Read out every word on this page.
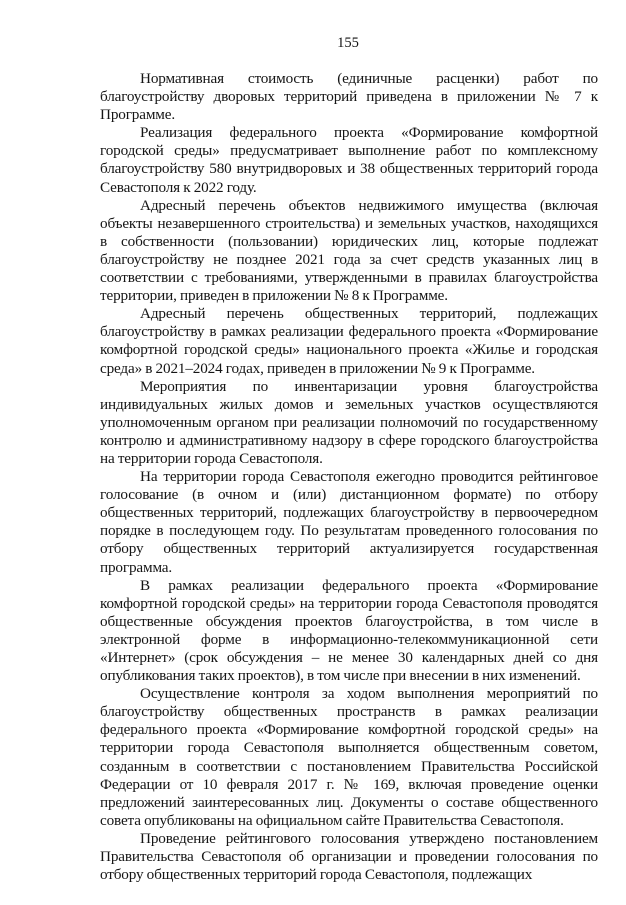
155

Нормативная стоимость (единичные расценки) работ по благоустройству дворовых территорий приведена в приложении № 7 к Программе.

Реализация федерального проекта «Формирование комфортной городской среды» предусматривает выполнение работ по комплексному благоустройству 580 внутридворовых и 38 общественных территорий города Севастополя к 2022 году.

Адресный перечень объектов недвижимого имущества (включая объекты незавершенного строительства) и земельных участков, находящихся в собственности (пользовании) юридических лиц, которые подлежат благоустройству не позднее 2021 года за счет средств указанных лиц в соответствии с требованиями, утвержденными в правилах благоустройства территории, приведен в приложении № 8 к Программе.

Адресный перечень общественных территорий, подлежащих благоустройству в рамках реализации федерального проекта «Формирование комфортной городской среды» национального проекта «Жилье и городская среда» в 2021–2024 годах, приведен в приложении № 9 к Программе.

Мероприятия по инвентаризации уровня благоустройства индивидуальных жилых домов и земельных участков осуществляются уполномоченным органом при реализации полномочий по государственному контролю и административному надзору в сфере городского благоустройства на территории города Севастополя.

На территории города Севастополя ежегодно проводится рейтинговое голосование (в очном и (или) дистанционном формате) по отбору общественных территорий, подлежащих благоустройству в первоочередном порядке в последующем году. По результатам проведенного голосования по отбору общественных территорий актуализируется государственная программа.

В рамках реализации федерального проекта «Формирование комфортной городской среды» на территории города Севастополя проводятся общественные обсуждения проектов благоустройства, в том числе в электронной форме в информационно-телекоммуникационной сети «Интернет» (срок обсуждения – не менее 30 календарных дней со дня опубликования таких проектов), в том числе при внесении в них изменений.

Осуществление контроля за ходом выполнения мероприятий по благоустройству общественных пространств в рамках реализации федерального проекта «Формирование комфортной городской среды» на территории города Севастополя выполняется общественным советом, созданным в соответствии с постановлением Правительства Российской Федерации от 10 февраля 2017 г. № 169, включая проведение оценки предложений заинтересованных лиц. Документы о составе общественного совета опубликованы на официальном сайте Правительства Севастополя.

Проведение рейтингового голосования утверждено постановлением Правительства Севастополя об организации и проведении голосования по отбору общественных территорий города Севастополя, подлежащих
